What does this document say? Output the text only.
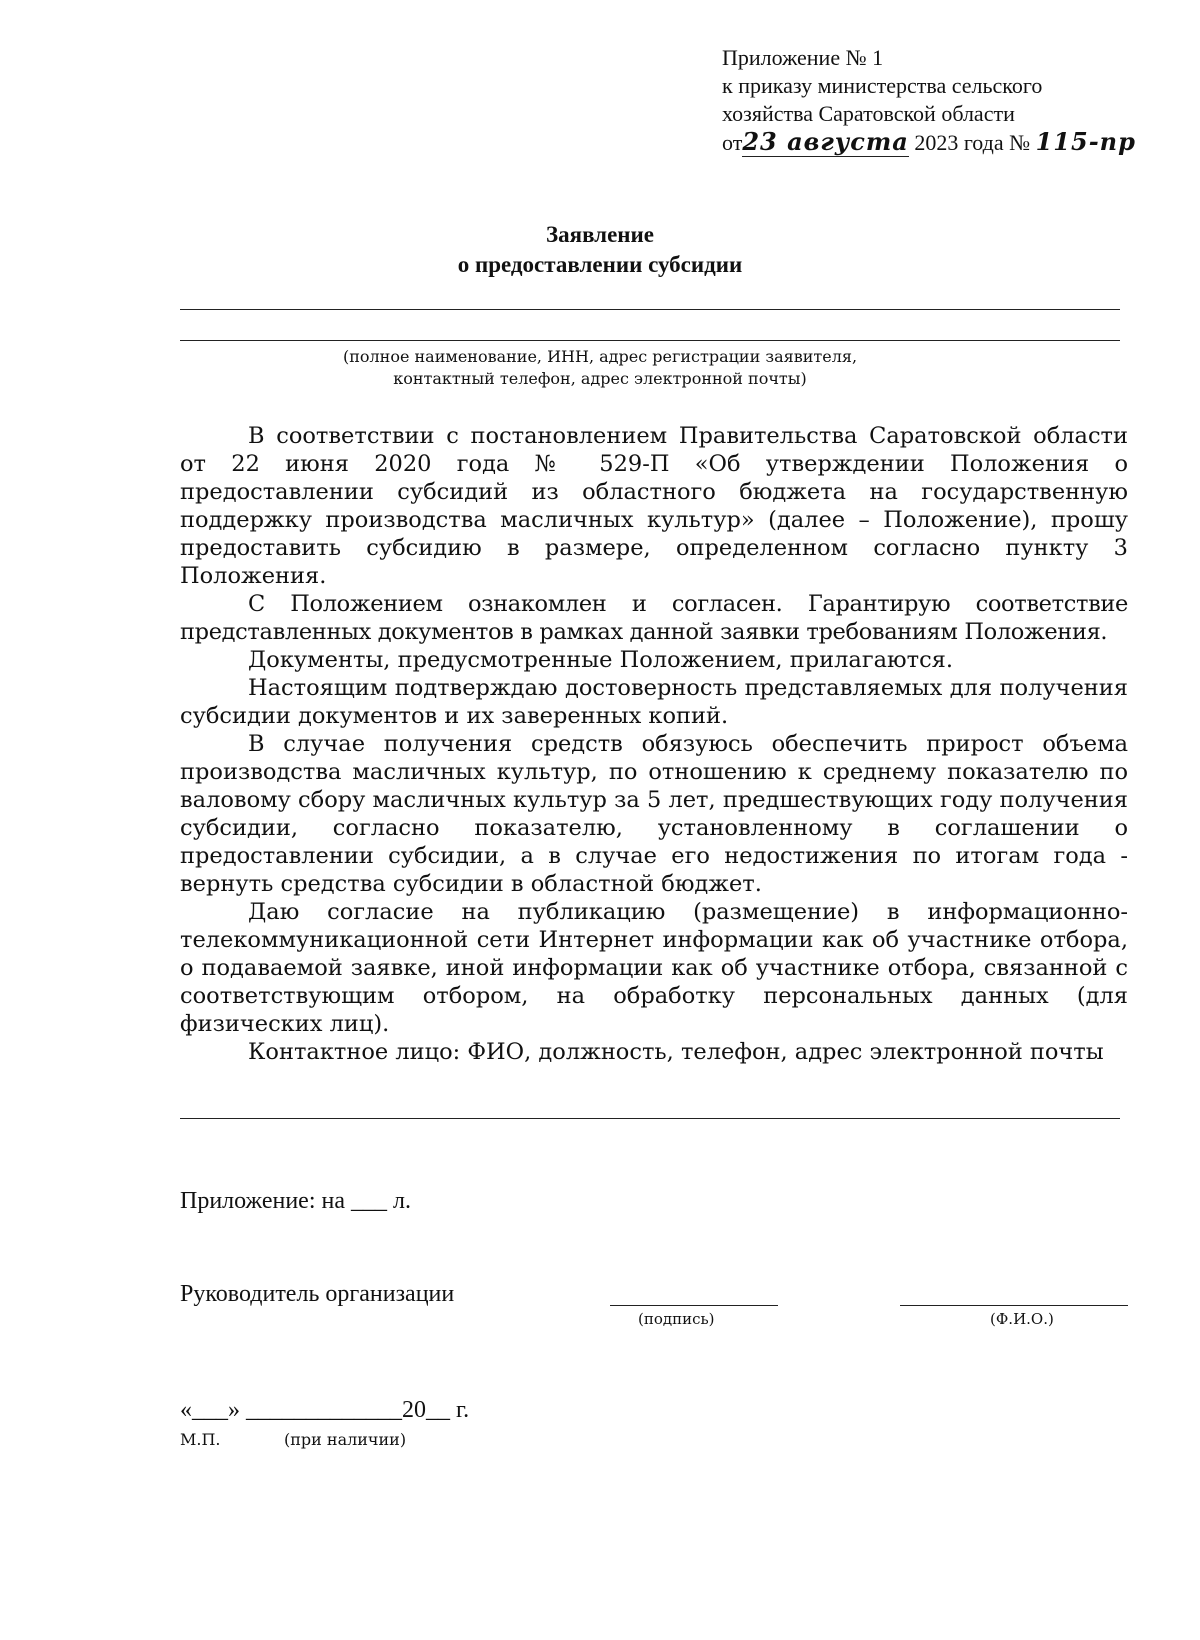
Приложение № 1
к приказу министерства сельского
хозяйства Саратовской области
от23 августа 2023 года № 115-пр
Заявление
о предоставлении субсидии
(полное наименование, ИНН, адрес регистрации заявителя,
контактный телефон, адрес электронной почты)

В соответствии с постановлением Правительства Саратовской области от 22 июня 2020 года № 529-П «Об утверждении Положения о предоставлении субсидий из областного бюджета на государственную поддержку производства масличных культур» (далее – Положение), прошу предоставить субсидию в размере, определенном согласно пункту 3 Положения.

С Положением ознакомлен и согласен. Гарантирую соответствие представленных документов в рамках данной заявки требованиям Положения.

Документы, предусмотренные Положением, прилагаются.

Настоящим подтверждаю достоверность представляемых для получения субсидии документов и их заверенных копий.

В случае получения средств обязуюсь обеспечить прирост объема производства масличных культур, по отношению к среднему показателю по валовому сбору масличных культур за 5 лет, предшествующих году получения субсидии, согласно показателю, установленному в соглашении о предоставлении субсидии, а в случае его недостижения по итогам года - вернуть средства субсидии в областной бюджет.

Даю согласие на публикацию (размещение) в информационно-телекоммуникационной сети Интернет информации как об участнике отбора, о подаваемой заявке, иной информации как об участнике отбора, связанной с соответствующим отбором, на обработку персональных данных (для физических лиц).

Контактное лицо: ФИО, должность, телефон, адрес электронной почты

Приложение: на ___ л.
Руководитель организации
(подпись)	(Ф.И.О.)
«___» _____________20__ г.
М.П.	(при наличии)
